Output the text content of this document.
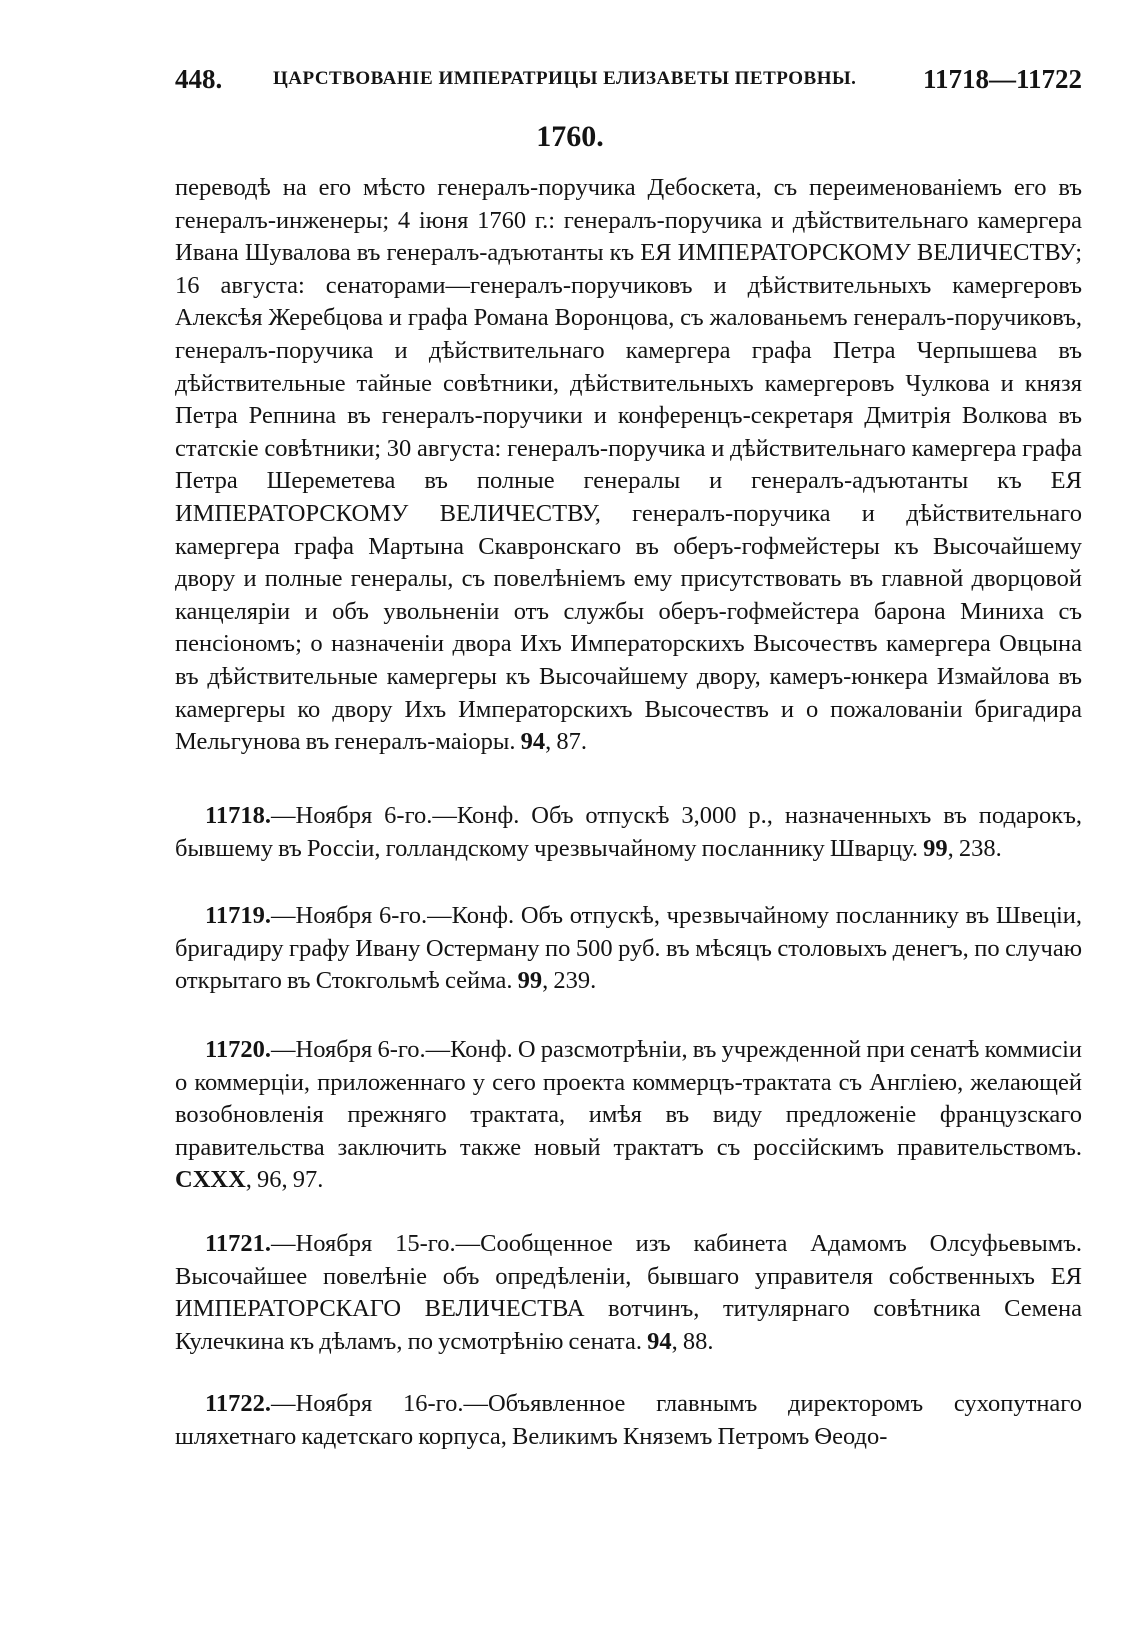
448.	ЦАРСТВОВАНІЕ ИМПЕРАТРИЦЫ ЕЛИЗАВЕТЫ ПЕТРОВНЫ. 11718—11722
1760.

переводѣ на его мѣсто генералъ-поручика Дебоскета, съ переименованіемъ его въ генералъ-инженеры; 4 іюня 1760 г.: генералъ-поручика и дѣйствительнаго камергера Ивана Шувалова въ генералъ-адъютанты къ ЕЯ ИМПЕРАТОРСКОМУ ВЕЛИЧЕСТВУ; 16 августа: сенаторами—генералъ-поручиковъ и дѣйствительныхъ камергеровъ Алексѣя Жеребцова и графа Романа Воронцова, съ жалованьемъ генералъ-поручиковъ, генералъ-поручика и дѣйствительнаго камергера графа Петра Черпышева въ дѣйствительные тайные совѣтники, дѣйствительныхъ камергеровъ Чулкова и князя Петра Репнина въ генералъ-поручики и конференцъ-секретаря Дмитрія Волкова въ статскіе совѣтники; 30 августа: генералъ-поручика и дѣйствительнаго камергера графа Петра Шереметева въ полные генералы и генералъ-адъютанты къ ЕЯ ИМПЕРАТОРСКОМУ ВЕЛИЧЕСТВУ, генералъ-поручика и дѣйствительнаго камергера графа Мартына Скавронскаго въ оберъ-гофмейстеры къ Высочайшему двору и полные генералы, съ повелѣніемъ ему присутствовать въ главной дворцовой канцеляріи и объ увольненіи отъ службы оберъ-гофмейстера барона Миниха съ пенсіономъ; о назначеніи двора Ихъ Императорскихъ Высочествъ камергера Овцына въ дѣйствительные камергеры къ Высочайшему двору, камеръ-юнкера Измайлова въ камергеры ко двору Ихъ Императорскихъ Высочествъ и о пожалованіи бригадира Мельгунова въ генералъ-маіоры. 94, 87.

11718.—Ноября 6-го.—Конф. Объ отпускѣ 3,000 р., назначенныхъ въ подарокъ, бывшему въ Россіи, голландскому чрезвычайному посланнику Шварцу. 99, 238.

11719.—Ноября 6-го.—Конф. Объ отпускѣ, чрезвычайному посланнику въ Швеціи, бригадиру графу Ивану Остерману по 500 руб. въ мѣсяцъ столовыхъ денегъ, по случаю открытаго въ Стокгольмѣ сейма. 99, 239.

11720.—Ноября 6-го.—Конф. О разсмотрѣніи, въ учрежденной при сенатѣ коммисіи о коммерціи, приложеннаго у сего проекта коммерцъ-трактата съ Англіею, желающей возобновленія прежняго трактата, имѣя въ виду предложеніе французскаго правительства заключить также новый трактатъ съ россійскимъ правительствомъ. CXXX, 96, 97.

11721.—Ноября 15-го.—Сообщенное изъ кабинета Адамомъ Олсуфьевымъ. Высочайшее повелѣніе объ опредѣленіи, бывшаго управителя собственныхъ ЕЯ ИМПЕРАТОРСКАГО ВЕЛИЧЕСТВА вотчинъ, титулярнаго совѣтника Семена Кулечкина къ дѣламъ, по усмотрѣнію сената. 94, 88.

11722.—Ноября 16-го.—Объявленное главнымъ директоромъ сухопутнаго шляхетнаго кадетскаго корпуса, Великимъ Княземъ Петромъ Ѳеодо-
